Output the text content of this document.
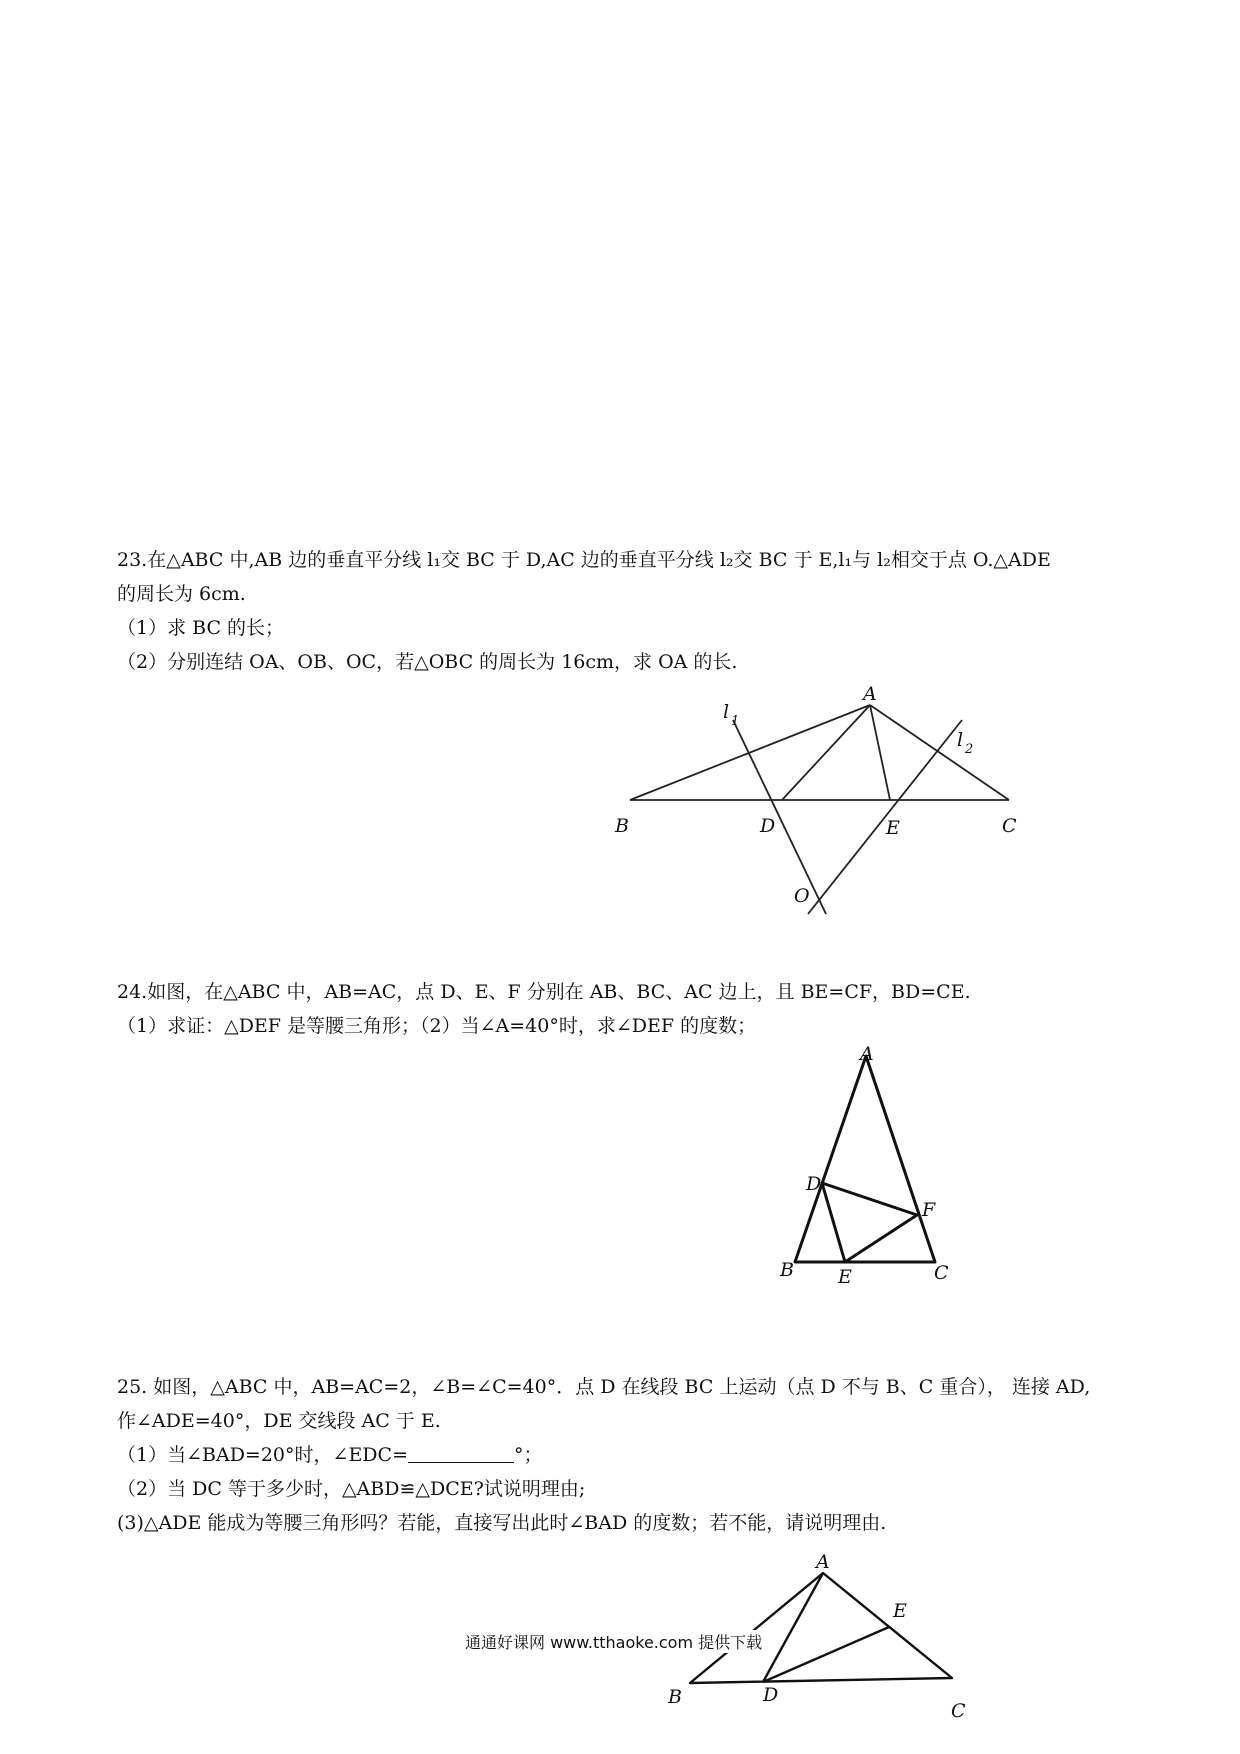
23.在△ABC 中,AB 边的垂直平分线 l₁交 BC 于 D,AC 边的垂直平分线 l₂交 BC 于 E,l₁与 l₂相交于点 O.△ADE
的周长为 6cm.
（1）求 BC 的长；
（2）分别连结 OA、OB、OC，若△OBC 的周长为 16cm，求 OA 的长.
A
B	C
D	E
O
l 1
l 2
24.如图，在△ABC 中，AB=AC，点 D、E、F 分别在 AB、BC、AC 边上，且 BE=CF，BD=CE.
（1）求证：△DEF 是等腰三角形；（2）当∠A=40°时，求∠DEF 的度数；
A
B	C
D
E
F
25. 如图，△ABC 中，AB=AC=2，∠B=∠C=40°．点 D 在线段 BC 上运动（点 D 不与 B、C 重合）， 连接 AD,
作∠ADE=40°，DE 交线段 AC 于 E.
（1）当∠BAD=20°时，∠EDC=	°；
（2）当 DC 等于多少时，△ABD≌△DCE?试说明理由;
(3)△ADE 能成为等腰三角形吗？若能，直接写出此时∠BAD 的度数；若不能，请说明理由.
A
B
C
D
E
通通好课网 www.tthaoke.com 提供下载
